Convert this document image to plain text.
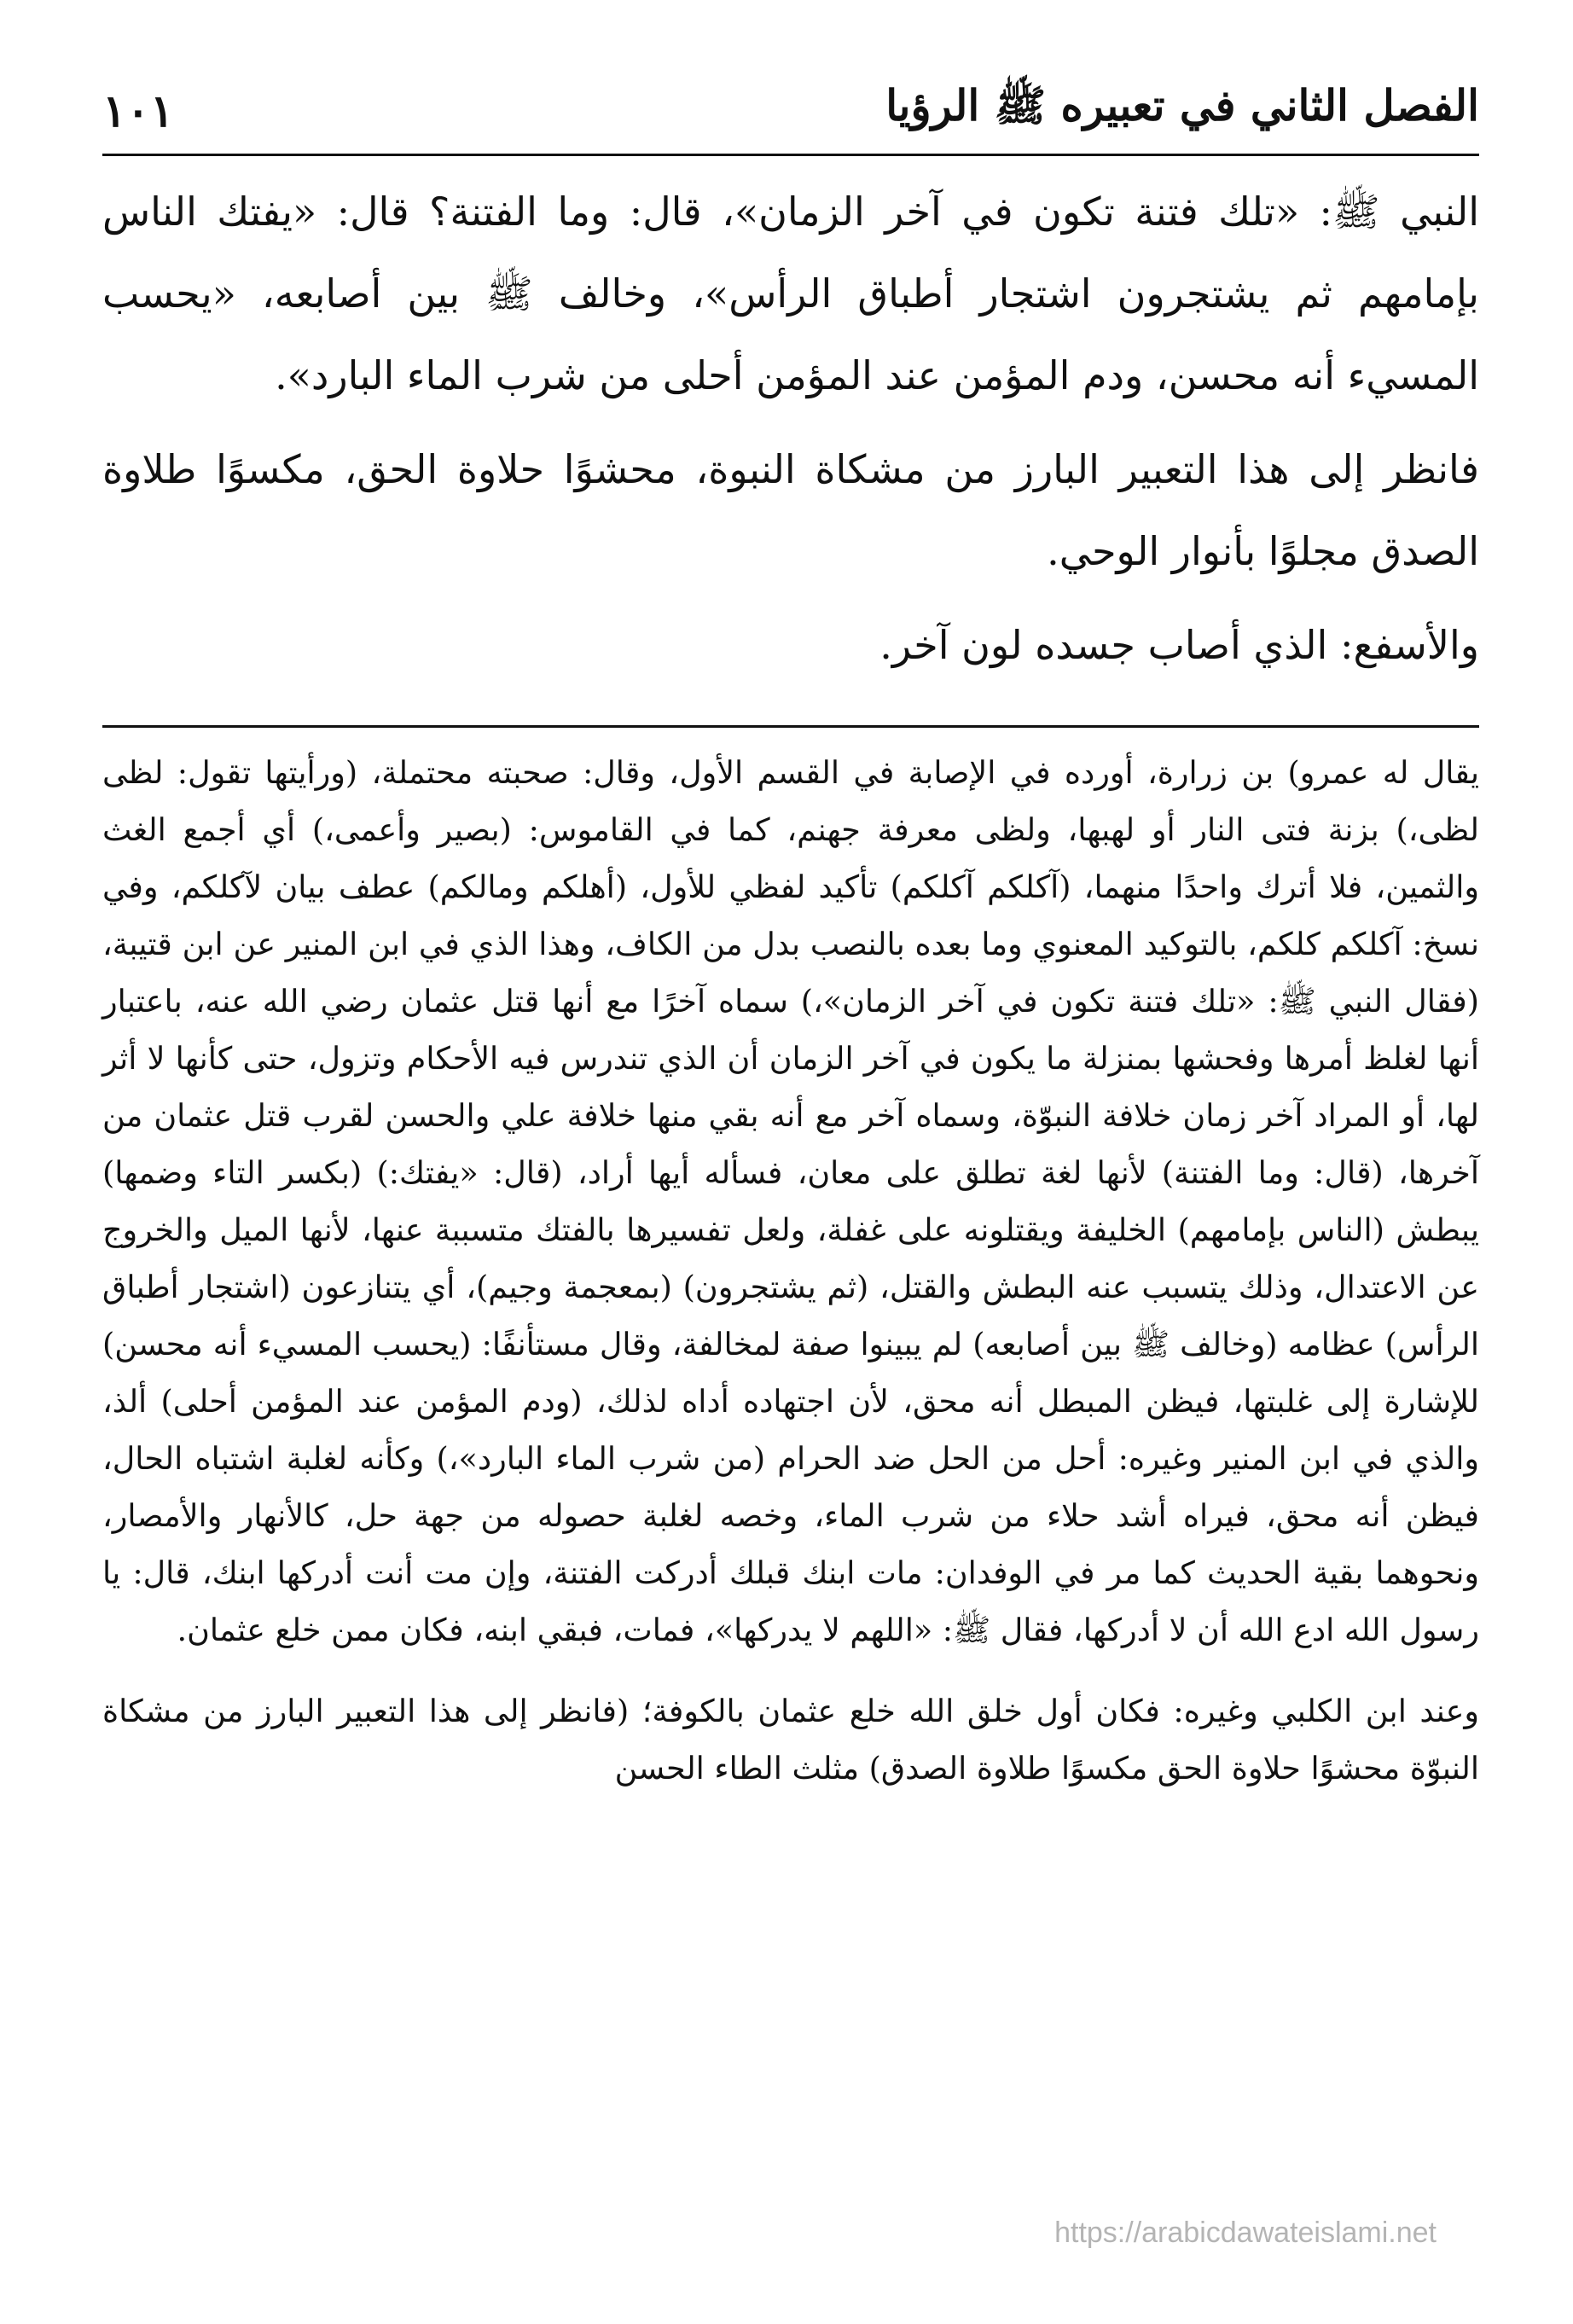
الفصل الثاني في تعبيره ﷺ الرؤيا
١٠١

النبي ﷺ: «تلك فتنة تكون في آخر الزمان»، قال: وما الفتنة؟ قال: «يفتك الناس بإمامهم ثم يشتجرون اشتجار أطباق الرأس»، وخالف ﷺ بين أصابعه، «يحسب المسيء أنه محسن، ودم المؤمن عند المؤمن أحلى من شرب الماء البارد».

فانظر إلى هذا التعبير البارز من مشكاة النبوة، محشوًا حلاوة الحق، مكسوًا طلاوة الصدق مجلوًا بأنوار الوحي.

والأسفع: الذي أصاب جسده لون آخر.

يقال له عمرو) بن زرارة، أورده في الإصابة في القسم الأول، وقال: صحبته محتملة، (ورأيتها تقول: لظى لظى،) بزنة فتى النار أو لهبها، ولظى معرفة جهنم، كما في القاموس: (بصير وأعمى،) أي أجمع الغث والثمين، فلا أترك واحدًا منهما، (آكلكم آكلكم) تأكيد لفظي للأول، (أهلكم ومالكم) عطف بيان لآكلكم، وفي نسخ: آكلكم كلكم، بالتوكيد المعنوي وما بعده بالنصب بدل من الكاف، وهذا الذي في ابن المنير عن ابن قتيبة، (فقال النبي ﷺ: «تلك فتنة تكون في آخر الزمان»،) سماه آخرًا مع أنها قتل عثمان رضي الله عنه، باعتبار أنها لغلظ أمرها وفحشها بمنزلة ما يكون في آخر الزمان أن الذي تندرس فيه الأحكام وتزول، حتى كأنها لا أثر لها، أو المراد آخر زمان خلافة النبوّة، وسماه آخر مع أنه بقي منها خلافة علي والحسن لقرب قتل عثمان من آخرها، (قال: وما الفتنة) لأنها لغة تطلق على معان، فسأله أيها أراد، (قال: «يفتك:) (بكسر التاء وضمها) يبطش (الناس بإمامهم) الخليفة ويقتلونه على غفلة، ولعل تفسيرها بالفتك متسببة عنها، لأنها الميل والخروج عن الاعتدال، وذلك يتسبب عنه البطش والقتل، (ثم يشتجرون) (بمعجمة وجيم)، أي يتنازعون (اشتجار أطباق الرأس) عظامه (وخالف ﷺ بين أصابعه) لم يبينوا صفة لمخالفة، وقال مستأنفًا: (يحسب المسيء أنه محسن) للإشارة إلى غلبتها، فيظن المبطل أنه محق، لأن اجتهاده أداه لذلك، (ودم المؤمن عند المؤمن أحلى) ألذ، والذي في ابن المنير وغيره: أحل من الحل ضد الحرام (من شرب الماء البارد»،) وكأنه لغلبة اشتباه الحال، فيظن أنه محق، فيراه أشد حلاء من شرب الماء، وخصه لغلبة حصوله من جهة حل، كالأنهار والأمصار، ونحوهما بقية الحديث كما مر في الوفدان: مات ابنك قبلك أدركت الفتنة، وإن مت أنت أدركها ابنك، قال: يا رسول الله ادع الله أن لا أدركها، فقال ﷺ: «اللهم لا يدركها»، فمات، فبقي ابنه، فكان ممن خلع عثمان.

وعند ابن الكلبي وغيره: فكان أول خلق الله خلع عثمان بالكوفة؛ (فانظر إلى هذا التعبير البارز من مشكاة النبوّة محشوًا حلاوة الحق مكسوًا طلاوة الصدق) مثلث الطاء الحسن

https://arabicdawateislami.net
